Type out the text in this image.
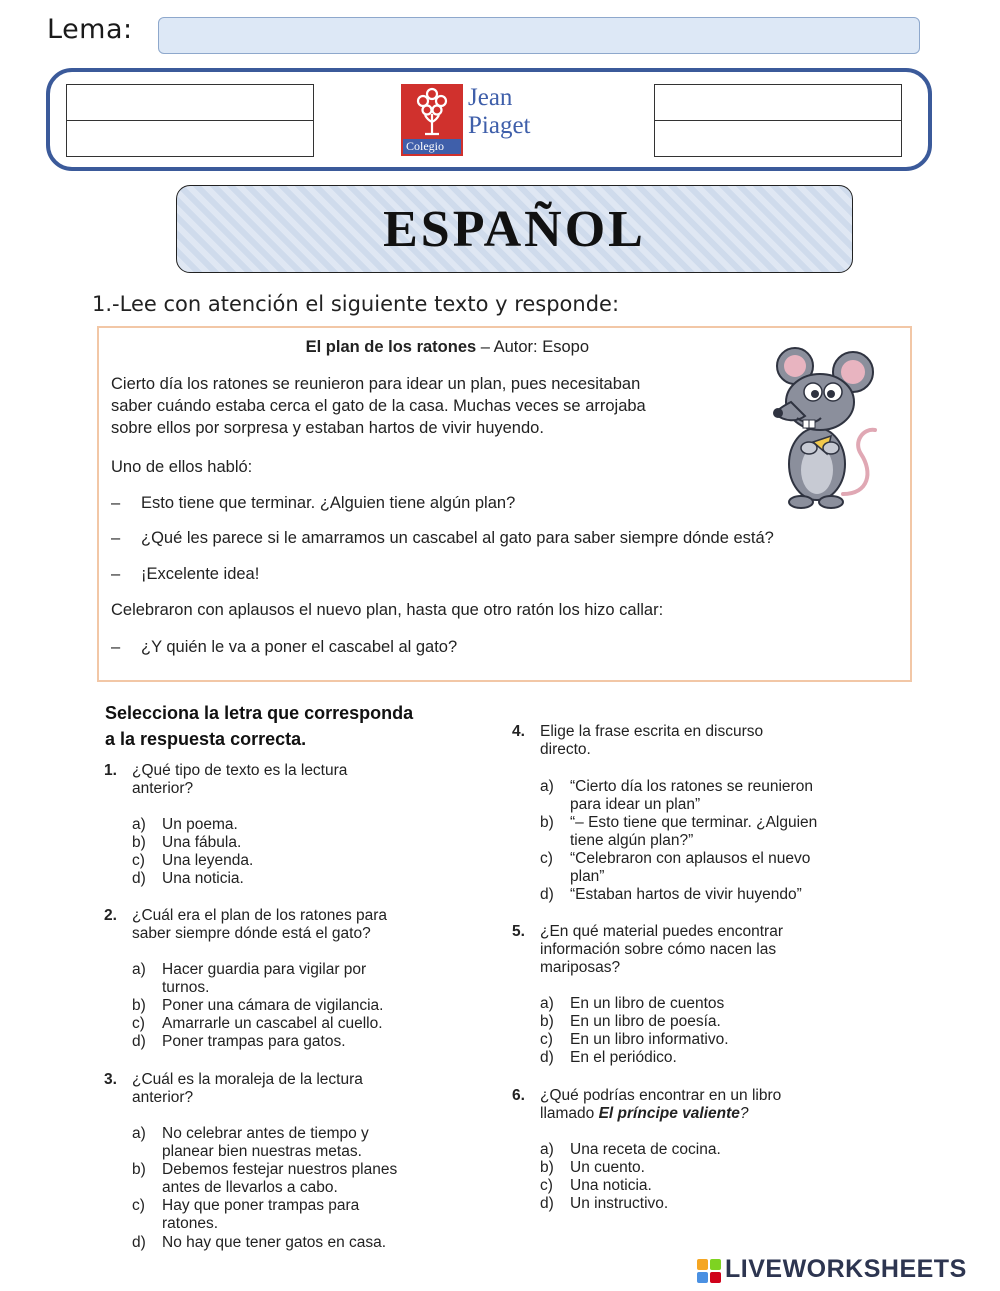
Lema:

Colegio
Jean
Piaget
ESPAÑOL
1.-Lee con atención el siguiente texto y responde:
El plan de los ratones – Autor: Esopo
Cierto día los ratones se reunieron para idear un plan, pues necesitaban
saber cuándo estaba cerca el gato de la casa. Muchas veces se arrojaba
sobre ellos por sorpresa y estaban hartos de vivir huyendo.
Uno de ellos habló:
– Esto tiene que terminar. ¿Alguien tiene algún plan?
– ¿Qué les parece si le amarramos un cascabel al gato para saber siempre dónde está?
– ¡Excelente idea!
Celebraron con aplausos el nuevo plan, hasta que otro ratón los hizo callar:
– ¿Y quién le va a poner el cascabel al gato?
Selecciona la letra que corresponda
a la respuesta correcta.
1. ¿Qué tipo de texto es la lectura
anterior?
a) Un poema.
b) Una fábula.
c) Una leyenda.
d) Una noticia.
2. ¿Cuál era el plan de los ratones para
saber siempre dónde está el gato?
a) Hacer guardia para vigilar por
turnos.
b) Poner una cámara de vigilancia.
c) Amarrarle un cascabel al cuello.
d) Poner trampas para gatos.
3. ¿Cuál es la moraleja de la lectura
anterior?
a) No celebrar antes de tiempo y
planear bien nuestras metas.
b) Debemos festejar nuestros planes
antes de llevarlos a cabo.
c) Hay que poner trampas para
ratones.
d) No hay que tener gatos en casa.
4. Elige la frase escrita en discurso
directo.
a) “Cierto día los ratones se reunieron
para idear un plan”
b) “– Esto tiene que terminar. ¿Alguien
tiene algún plan?”
c) “Celebraron con aplausos el nuevo
plan”
d) “Estaban hartos de vivir huyendo”
5. ¿En qué material puedes encontrar
información sobre cómo nacen las
mariposas?
a) En un libro de cuentos
b) En un libro de poesía.
c) En un libro informativo.
d) En el periódico.
6. ¿Qué podrías encontrar en un libro
llamado El príncipe valiente?
a) Una receta de cocina.
b) Un cuento.
c) Una noticia.
d) Un instructivo.
LIVEWORKSHEETS
